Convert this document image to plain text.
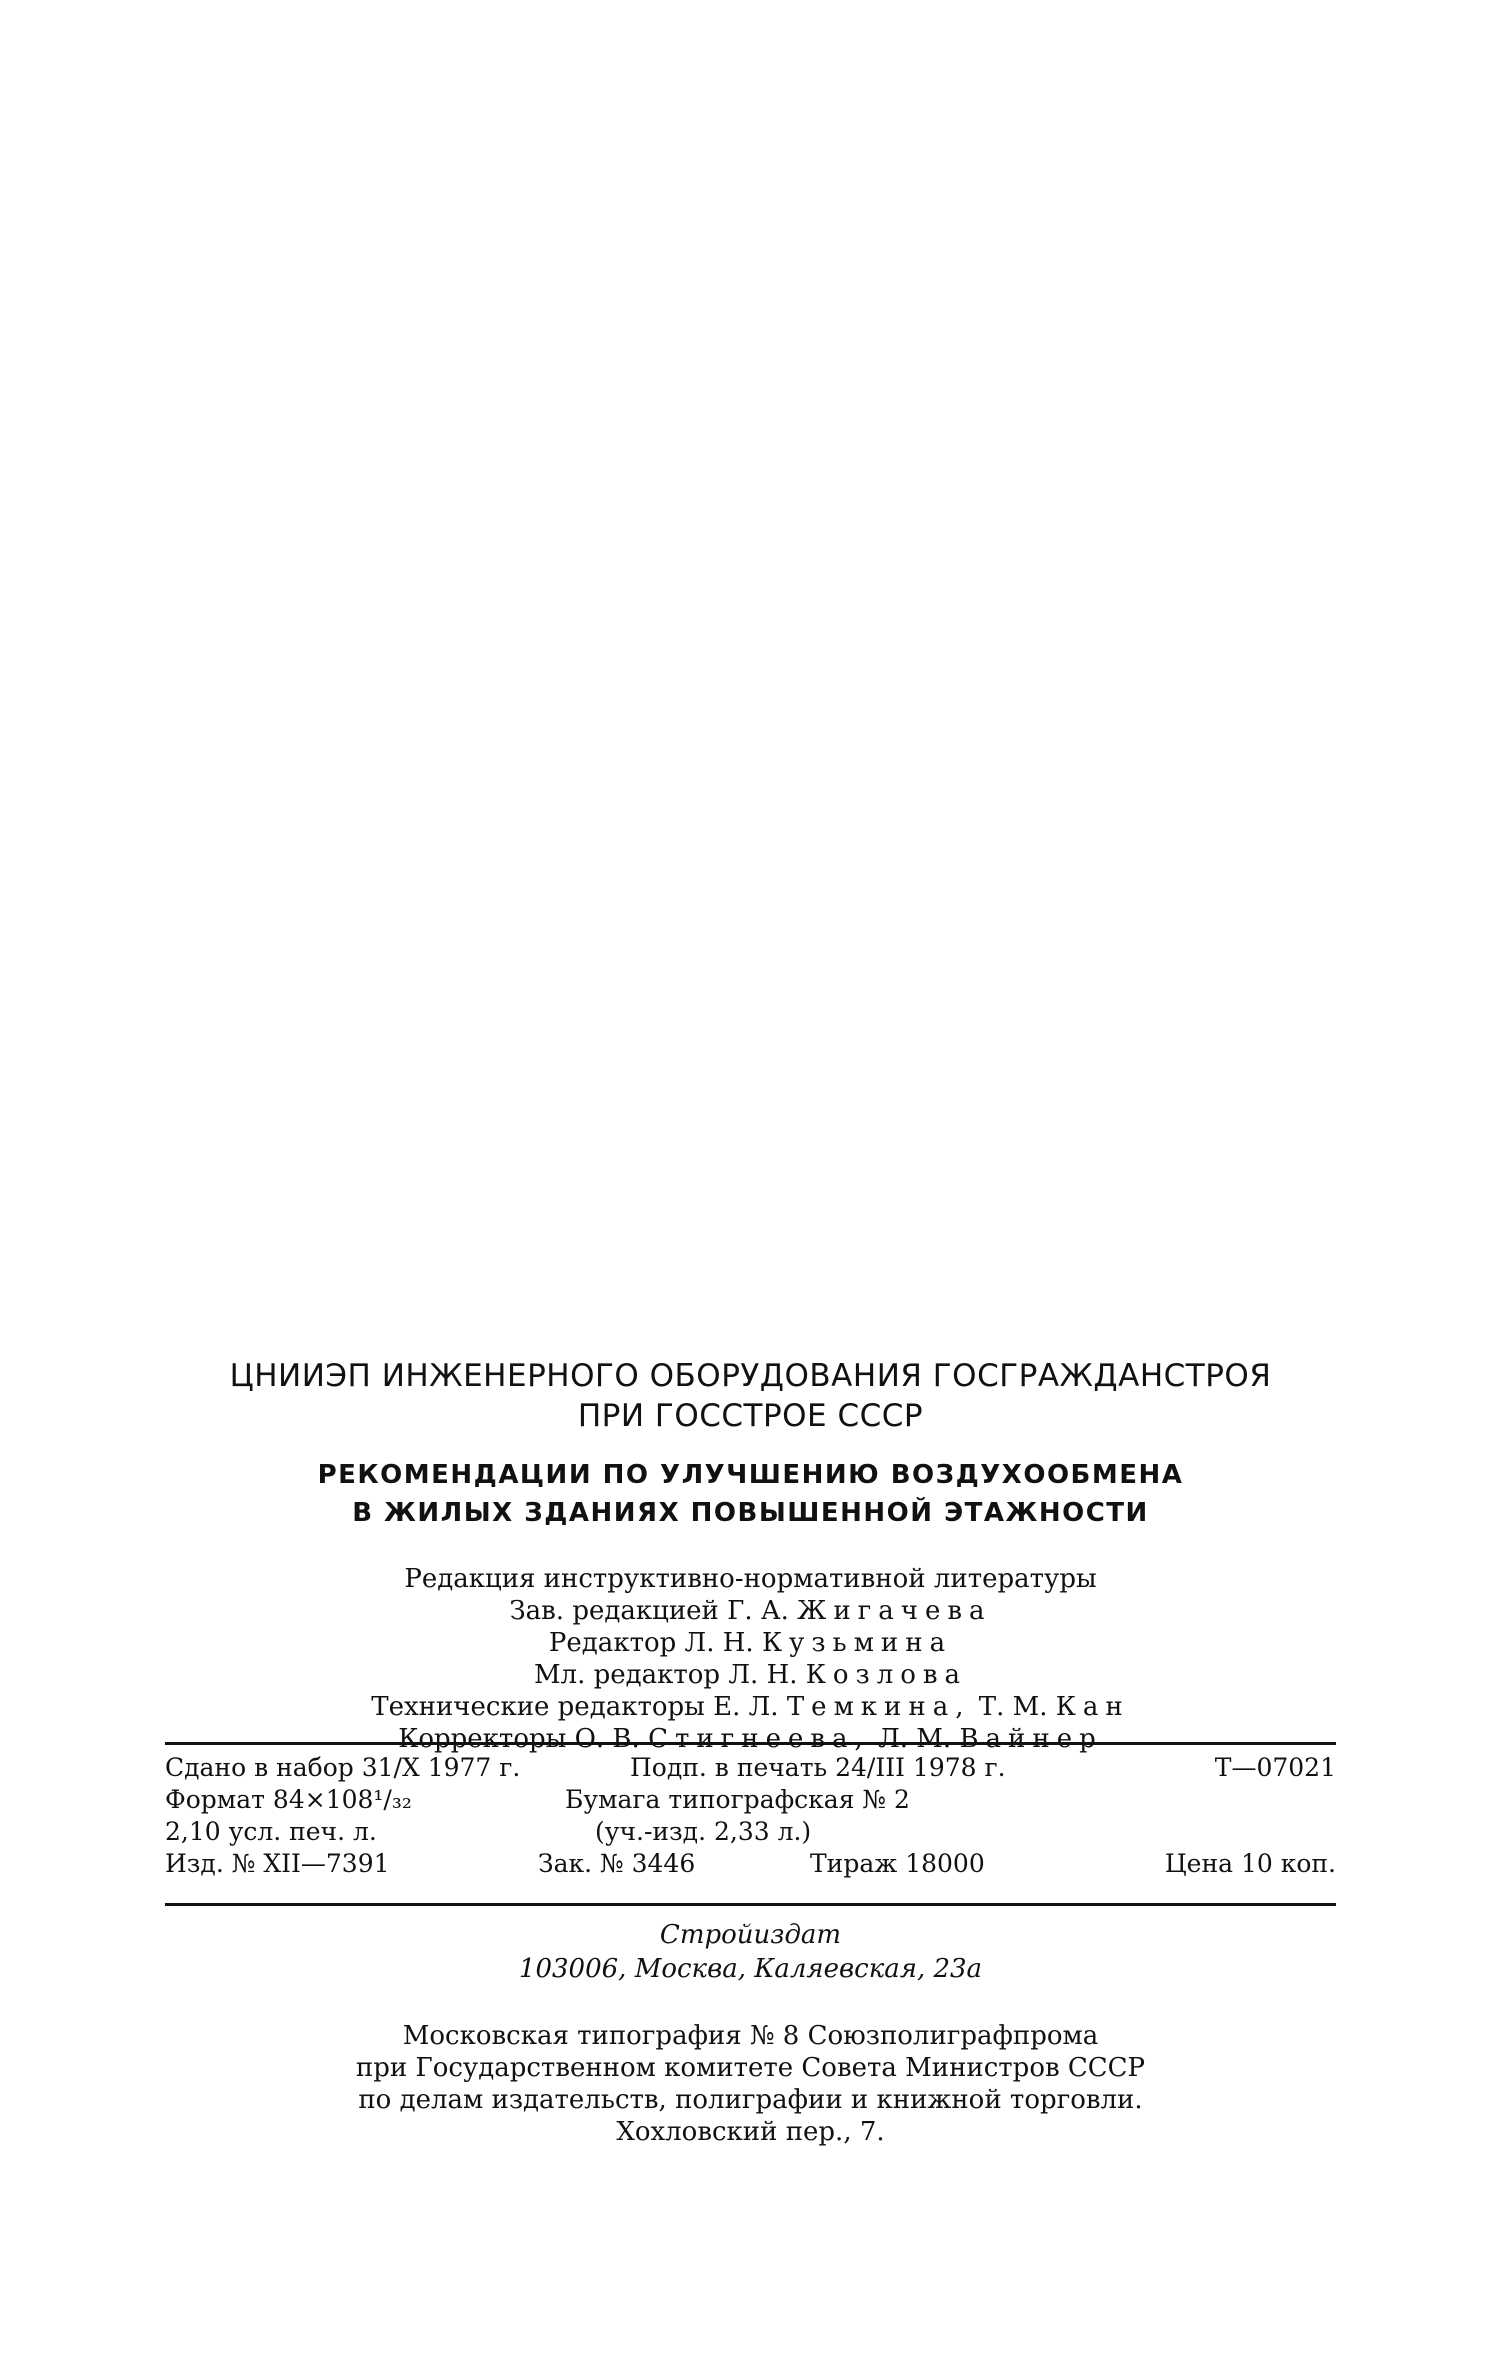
ЦНИИЭП ИНЖЕНЕРНОГО ОБОРУДОВАНИЯ ГОСГРАЖДАНСТРОЯ
ПРИ ГОССТРОЕ СССР
РЕКОМЕНДАЦИИ ПО УЛУЧШЕНИЮ ВОЗДУХООБМЕНА
В ЖИЛЫХ ЗДАНИЯХ ПОВЫШЕННОЙ ЭТАЖНОСТИ
Редакция инструктивно-нормативной литературы
Зав. редакцией Г. А. Жигачева
Редактор Л. Н. Кузьмина
Мл. редактор Л. Н. Козлова
Технические редакторы Е. Л. Темкина, Т. М. Кан
Корректоры О. В. Стигнеева, Л. М. Вайнер
Сдано в набор 31/X 1977 г.	Подп. в печать 24/III 1978 г.	Т—07021
Формат 84×108¹/₃₂	Бумага типографская № 2
2,10 усл. печ. л.	(уч.-изд. 2,33 л.)
Изд. № XII—7391	Зак. № 3446	Тираж 18000	Цена 10 коп.
Стройиздат
103006, Москва, Каляевская, 23а
Московская типография № 8 Союзполиграфпрома
при Государственном комитете Совета Министров СССР
по делам издательств, полиграфии и книжной торговли.
Хохловский пер., 7.
